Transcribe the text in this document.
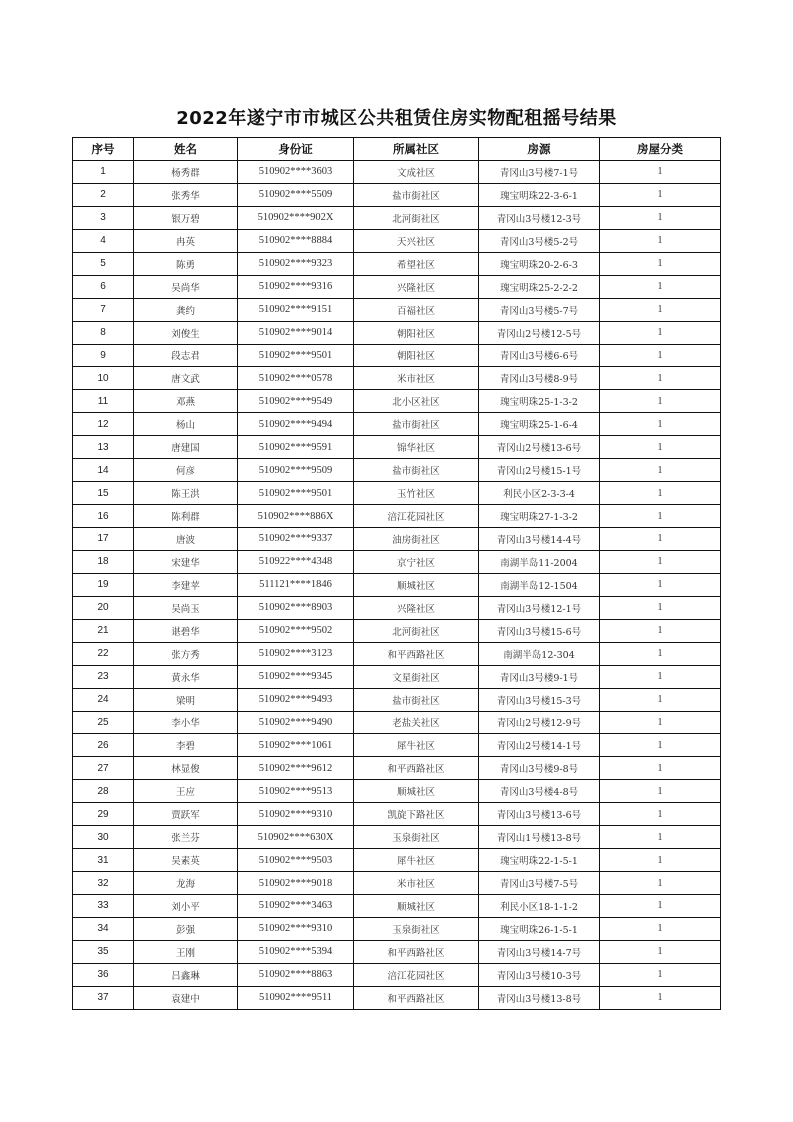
2022年遂宁市市城区公共租赁住房实物配租摇号结果
序号	姓名	身份证	所属社区	房源	房屋分类
1	杨秀群	510902****3603	文成社区	青冈山3号楼7-1号	1
2	张秀华	510902****5509	盐市街社区	瑰宝明珠22-3-6-1	1
3	银万碧	510902****902X	北河街社区	青冈山3号楼12-3号	1
4	冉英	510902****8884	天兴社区	青冈山3号楼5-2号	1
5	陈勇	510902****9323	希望社区	瑰宝明珠20-2-6-3	1
6	吴尚华	510902****9316	兴隆社区	瑰宝明珠25-2-2-2	1
7	龚约	510902****9151	百福社区	青冈山3号楼5-7号	1
8	刘俊生	510902****9014	朝阳社区	青冈山2号楼12-5号	1
9	段志君	510902****9501	朝阳社区	青冈山3号楼6-6号	1
10	唐文武	510902****0578	米市社区	青冈山3号楼8-9号	1
11	邓燕	510902****9549	北小区社区	瑰宝明珠25-1-3-2	1
12	杨山	510902****9494	盐市街社区	瑰宝明珠25-1-6-4	1
13	唐建国	510902****9591	锦华社区	青冈山2号楼13-6号	1
14	何彦	510902****9509	盐市街社区	青冈山2号楼15-1号	1
15	陈王洪	510902****9501	玉竹社区	利民小区2-3-3-4	1
16	陈利群	510902****886X	涪江花园社区	瑰宝明珠27-1-3-2	1
17	唐波	510902****9337	油房街社区	青冈山3号楼14-4号	1
18	宋建华	510922****4348	京宁社区	南湖半岛11-2004	1
19	李建苹	511121****1846	顺城社区	南湖半岛12-1504	1
20	吴尚玉	510902****8903	兴隆社区	青冈山3号楼12-1号	1
21	谌碧华	510902****9502	北河街社区	青冈山3号楼15-6号	1
22	张方秀	510902****3123	和平西路社区	南湖半岛12-304	1
23	黄永华	510902****9345	文星街社区	青冈山3号楼9-1号	1
24	梁明	510902****9493	盐市街社区	青冈山3号楼15-3号	1
25	李小华	510902****9490	老盐关社区	青冈山2号楼12-9号	1
26	李碧	510902****1061	犀牛社区	青冈山2号楼14-1号	1
27	林显俊	510902****9612	和平西路社区	青冈山3号楼9-8号	1
28	王应	510902****9513	顺城社区	青冈山3号楼4-8号	1
29	贾跃军	510902****9310	凯旋下路社区	青冈山3号楼13-6号	1
30	张兰芬	510902****630X	玉泉街社区	青冈山1号楼13-8号	1
31	吴素英	510902****9503	犀牛社区	瑰宝明珠22-1-5-1	1
32	龙海	510902****9018	米市社区	青冈山3号楼7-5号	1
33	刘小平	510902****3463	顺城社区	利民小区18-1-1-2	1
34	彭强	510902****9310	玉泉街社区	瑰宝明珠26-1-5-1	1
35	王刚	510902****5394	和平西路社区	青冈山3号楼14-7号	1
36	吕鑫琳	510902****8863	涪江花园社区	青冈山3号楼10-3号	1
37	袁建中	510902****9511	和平西路社区	青冈山3号楼13-8号	1
